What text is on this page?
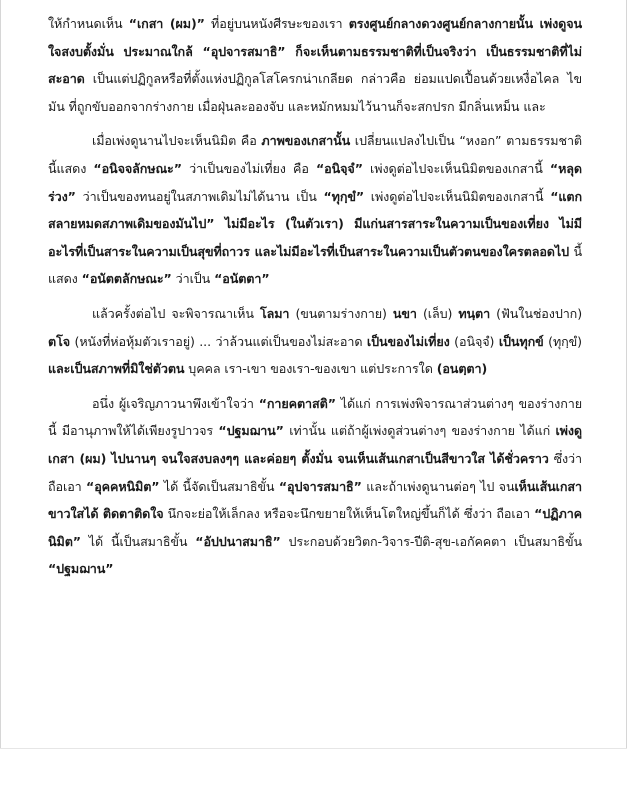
ให้กำหนดเห็น “เกสา (ผม)” ที่อยู่บนหนังศีรษะของเรา ตรงศูนย์กลางดวงศูนย์กลางกายนั้น เพ่งดูจนใจสงบตั้งมั่น ประมาณใกล้ “อุปจารสมาธิ” ก็จะเห็นตามธรรมชาติที่เป็นจริงว่า เป็นธรรมชาติที่ไม่สะอาด เป็นแต่ปฏิกูลหรือที่ตั้งแห่งปฏิกูลโสโครกน่าเกลียด กล่าวคือ ย่อมแปดเปื้อนด้วยเหงื่อไคล ไขมัน ที่ถูกขับออกจากร่างกาย เมื่อฝุ่นละอองจับ และหมักหมมไว้นานก็จะสกปรก มีกลิ่นเหม็น และ

เมื่อเพ่งดูนานไปจะเห็นนิมิต คือ ภาพของเกสานั้น เปลี่ยนแปลงไปเป็น “หงอก” ตามธรรมชาติ นี้แสดง “อนิจจลักษณะ” ว่าเป็นของไม่เที่ยง คือ “อนิจฺจํ” เพ่งดูต่อไปจะเห็นนิมิตของเกสานี้ “หลุดร่วง” ว่าเป็นของทนอยู่ในสภาพเดิมไม่ได้นาน เป็น “ทุกฺขํ” เพ่งดูต่อไปจะเห็นนิมิตของเกสานี้ “แตกสลายหมดสภาพเดิมของมันไป” ไม่มีอะไร (ในตัวเรา) มีแก่นสารสาระในความเป็นของเที่ยง ไม่มีอะไรที่เป็นสาระในความเป็นสุขที่ถาวร และไม่มีอะไรที่เป็นสาระในความเป็นตัวตนของใครตลอดไป นี้แสดง “อนัตตลักษณะ” ว่าเป็น “อนัตตา”

แล้วครั้งต่อไป จะพิจารณาเห็น โลมา (ขนตามร่างกาย) นขา (เล็บ) ทนฺตา (ฟันในช่องปาก) ตโจ (หนังที่ห่อหุ้มตัวเราอยู่) ... ว่าล้วนแต่เป็นของไม่สะอาด เป็นของไม่เที่ยง (อนิจฺจํ) เป็นทุกข์ (ทุกฺขํ) และเป็นสภาพที่มิใช่ตัวตน บุคคล เรา-เขา ของเรา-ของเขา แต่ประการใด (อนตฺตา)

อนึ่ง ผู้เจริญภาวนาพึงเข้าใจว่า “กายคตาสติ” ได้แก่ การเพ่งพิจารณาส่วนต่างๆ ของร่างกายนี้ มีอานุภาพให้ได้เพียงรูปาวจร “ปฐมฌาน” เท่านั้น แต่ถ้าผู้เพ่งดูส่วนต่างๆ ของร่างกาย ได้แก่ เพ่งดูเกสา (ผม) ไปนานๆ จนใจสงบลงๆๆ และค่อยๆ ตั้งมั่น จนเห็นเส้นเกสาเป็นสีขาวใส ได้ชั่วคราว ซึ่งว่าถือเอา “อุคคหนิมิต” ได้ นี้จัดเป็นสมาธิขั้น “อุปจารสมาธิ” และถ้าเพ่งดูนานต่อๆ ไป จนเห็นเส้นเกสาขาวใสได้ ติดตาติดใจ นึกจะย่อให้เล็กลง หรือจะนึกขยายให้เห็นโตใหญ่ขึ้นก็ได้ ซึ่งว่า ถือเอา “ปฏิภาคนิมิต” ได้ นี้เป็นสมาธิขั้น “อัปปนาสมาธิ” ประกอบด้วยวิตก-วิจาร-ปีติ-สุข-เอกัคคตา เป็นสมาธิขั้น “ปฐมฌาน”
